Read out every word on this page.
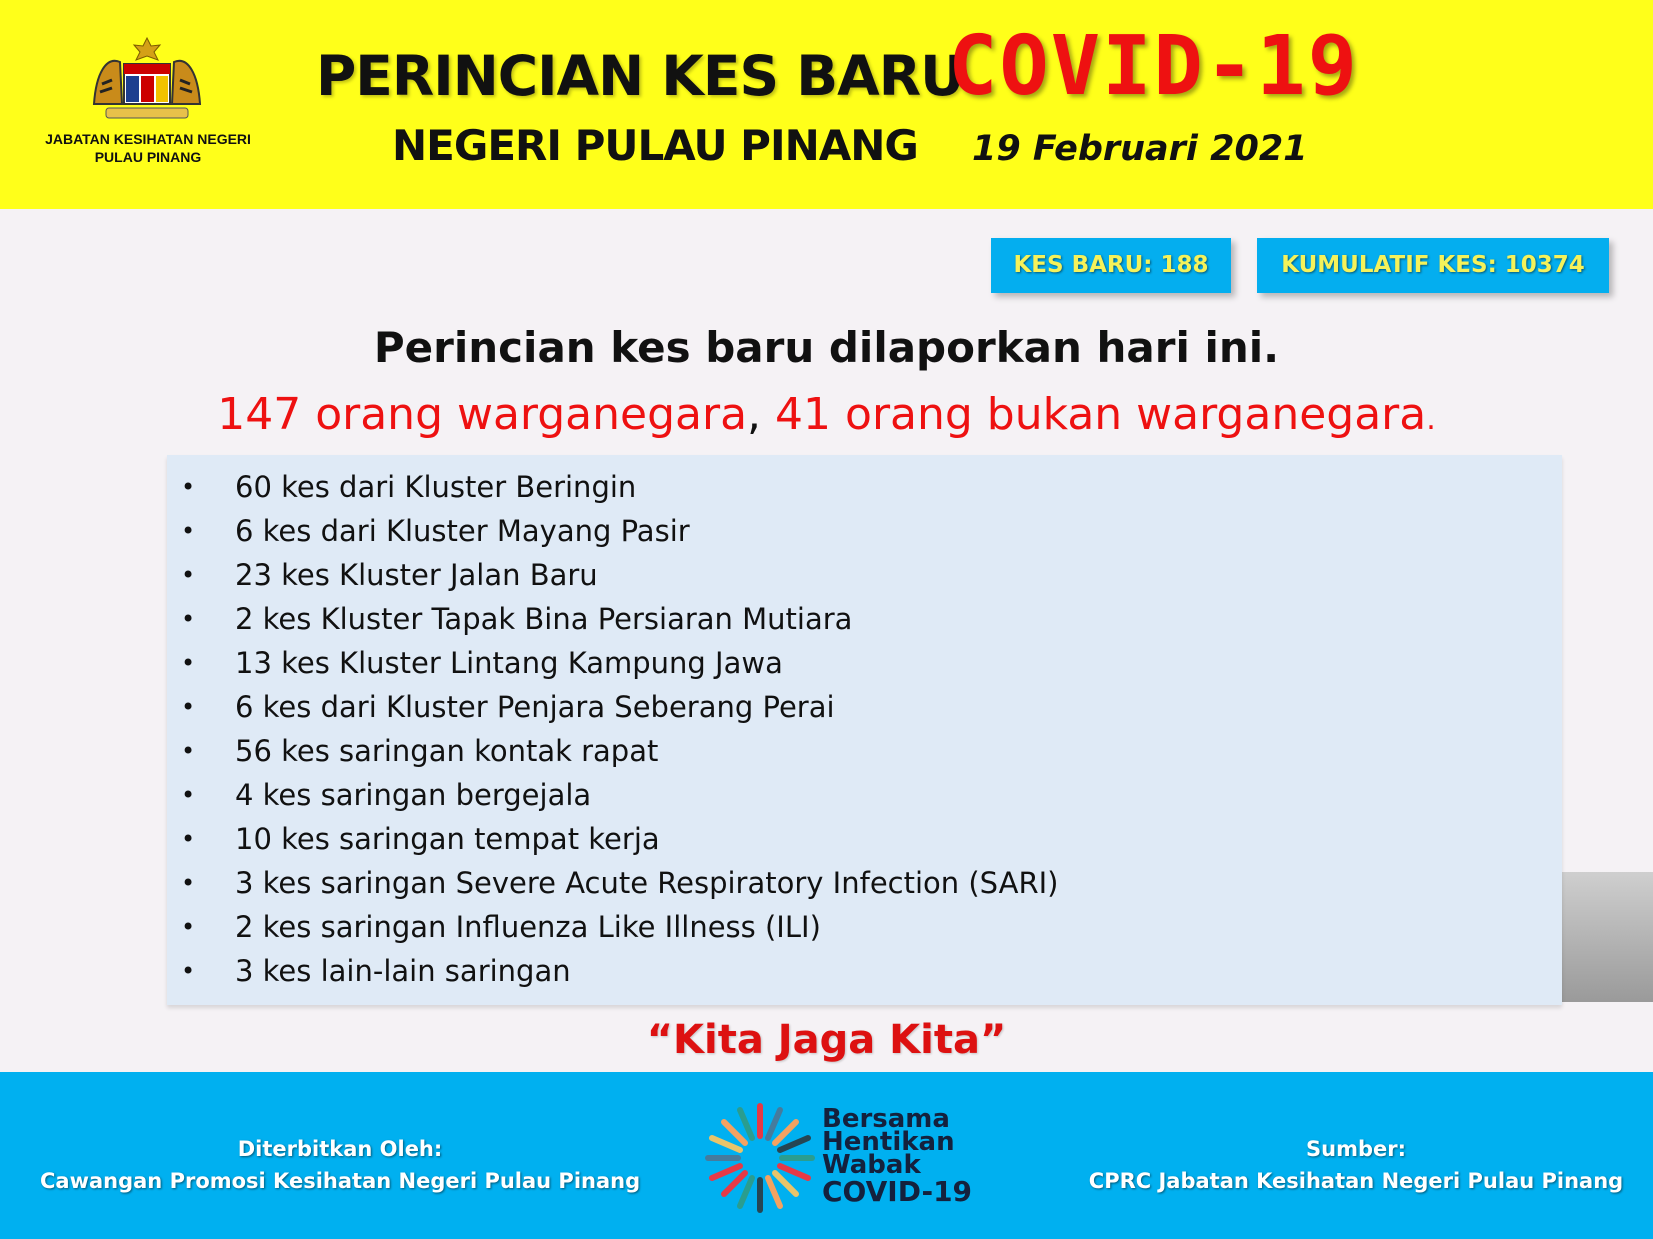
JABATAN KESIHATAN NEGERI
PULAU PINANG
PERINCIAN KES BARU
COVID-19
NEGERI PULAU PINANG 19 Februari 2021
KES BARU: 188	KUMULATIF KES: 10374
Perincian kes baru dilaporkan hari ini.
147 orang warganegara, 41 orang bukan warganegara.
• 60 kes dari Kluster Beringin
• 6 kes dari Kluster Mayang Pasir
• 23 kes Kluster Jalan Baru
• 2 kes Kluster Tapak Bina Persiaran Mutiara
• 13 kes Kluster Lintang Kampung Jawa
• 6 kes dari Kluster Penjara Seberang Perai
• 56 kes saringan kontak rapat
• 4 kes saringan bergejala
• 10 kes saringan tempat kerja
• 3 kes saringan Severe Acute Respiratory Infection (SARI)
• 2 kes saringan Influenza Like Illness (ILI)
• 3 kes lain-lain saringan
“Kita Jaga Kita”
Diterbitkan Oleh:
Cawangan Promosi Kesihatan Negeri Pulau Pinang
Bersama
Hentikan
Wabak
COVID-19
Sumber:
CPRC Jabatan Kesihatan Negeri Pulau Pinang
